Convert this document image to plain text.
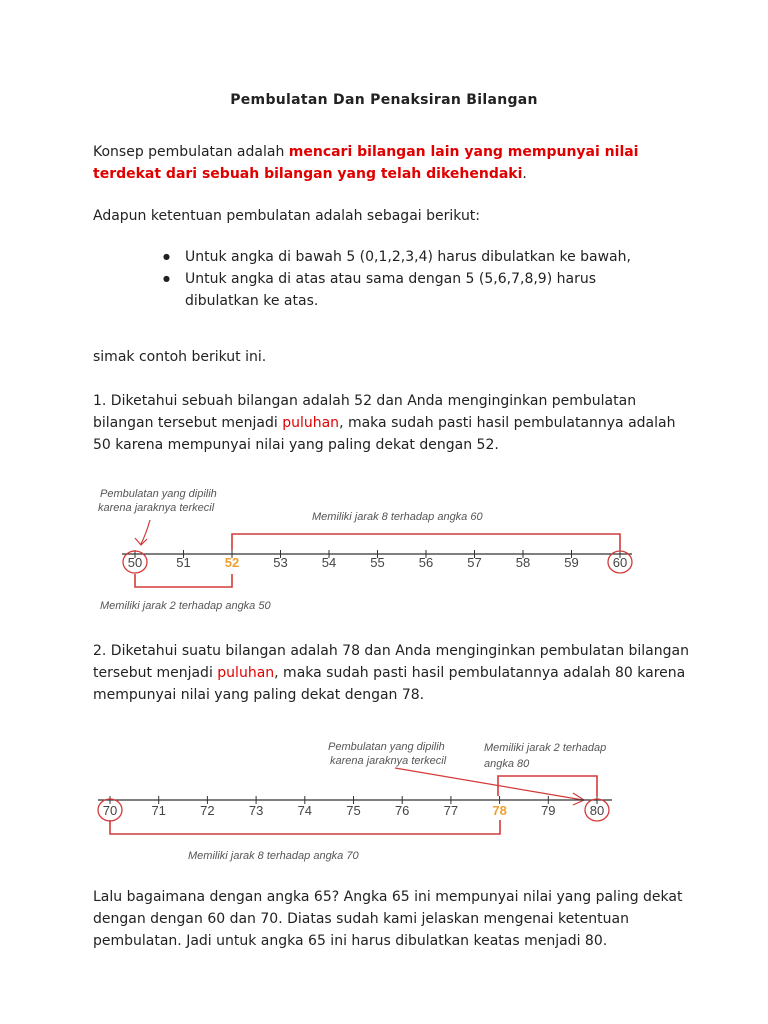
Pembulatan Dan Penaksiran Bilangan
Konsep pembulatan adalah mencari bilangan lain yang mempunyai nilai terdekat dari sebuah bilangan yang telah dikehendaki.
Adapun ketentuan pembulatan adalah sebagai berikut:
● Untuk angka di bawah 5 (0,1,2,3,4) harus dibulatkan ke bawah,
● Untuk angka di atas atau sama dengan 5 (5,6,7,8,9) harus dibulatkan ke atas.
simak contoh berikut ini.
1. Diketahui sebuah bilangan adalah 52 dan Anda menginginkan pembulatan bilangan tersebut menjadi puluhan, maka sudah pasti hasil pembulatannya adalah 50 karena mempunyai nilai yang paling dekat dengan 52.
Pembulatan yang dipilih
karena jaraknya terkecil
Memiliki jarak 8 terhadap angka 60
50	51	52	53	54	55	56	57	58	59	60
Memiliki jarak 2 terhadap angka 50
2. Diketahui suatu bilangan adalah 78 dan Anda menginginkan pembulatan bilangan tersebut menjadi puluhan, maka sudah pasti hasil pembulatannya adalah 80 karena mempunyai nilai yang paling dekat dengan 78.
Pembulatan yang dipilih
karena jaraknya terkecil
Memiliki jarak 2 terhadap
angka 80
70	71	72	73	74	75	76	77	78	79	80
Memiliki jarak 8 terhadap angka 70
Lalu bagaimana dengan angka 65? Angka 65 ini mempunyai nilai yang paling dekat dengan dengan 60 dan 70. Diatas sudah kami jelaskan mengenai ketentuan pembulatan. Jadi untuk angka 65 ini harus dibulatkan keatas menjadi 80.
